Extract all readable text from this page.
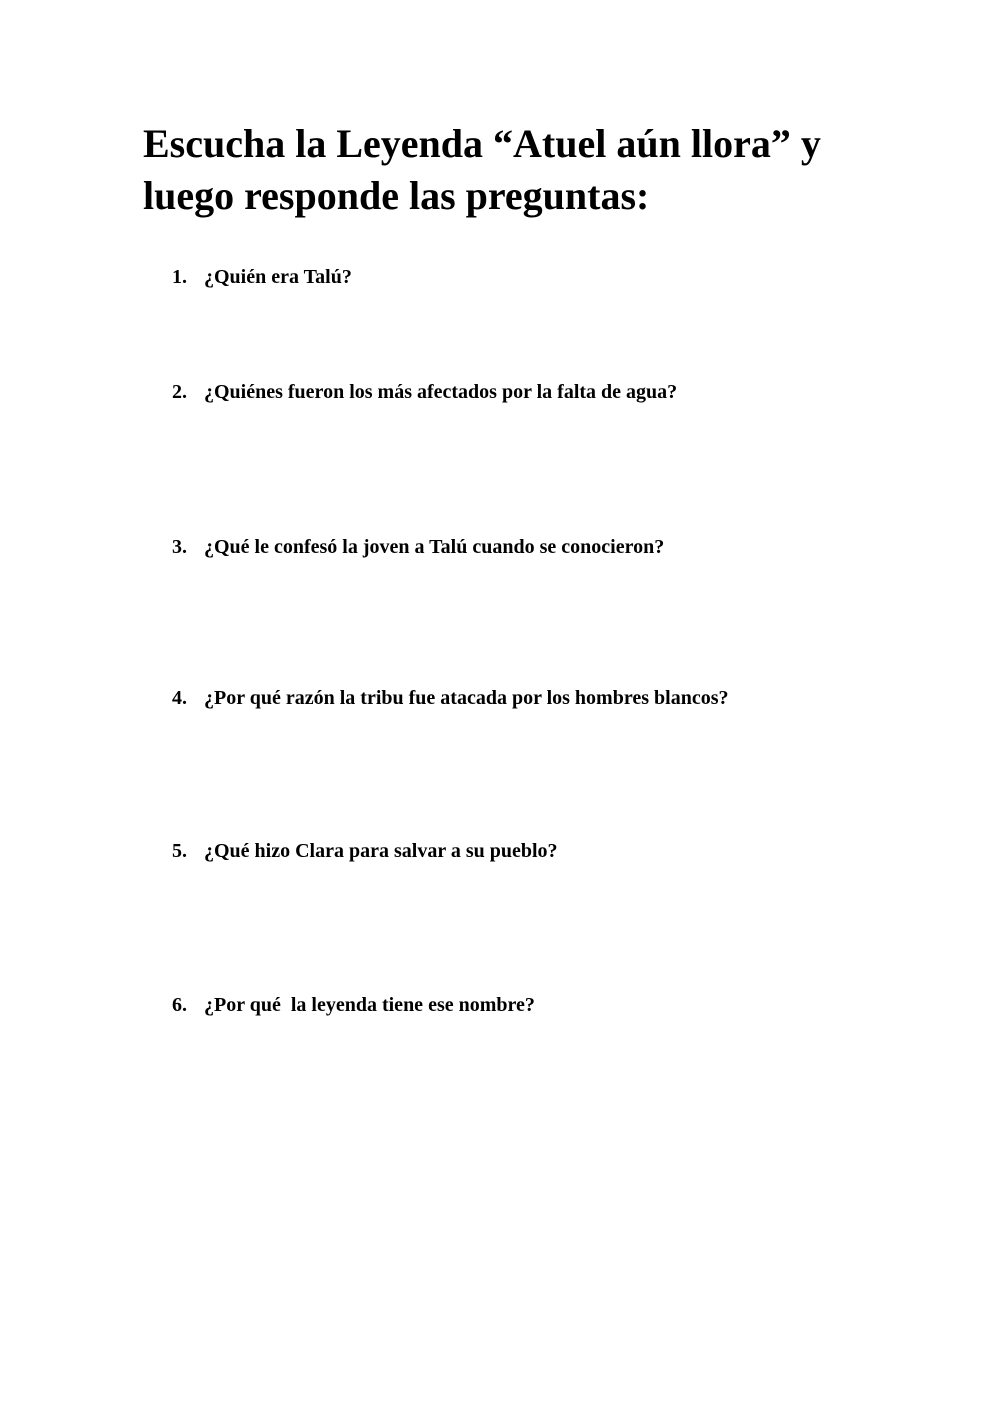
Escucha la Leyenda “Atuel aún llora” y luego responde las preguntas:

1. ¿Quién era Talú?

2. ¿Quiénes fueron los más afectados por la falta de agua?

3. ¿Qué le confesó la joven a Talú cuando se conocieron?

4. ¿Por qué razón la tribu fue atacada por los hombres blancos?

5. ¿Qué hizo Clara para salvar a su pueblo?

6. ¿Por qué  la leyenda tiene ese nombre?
